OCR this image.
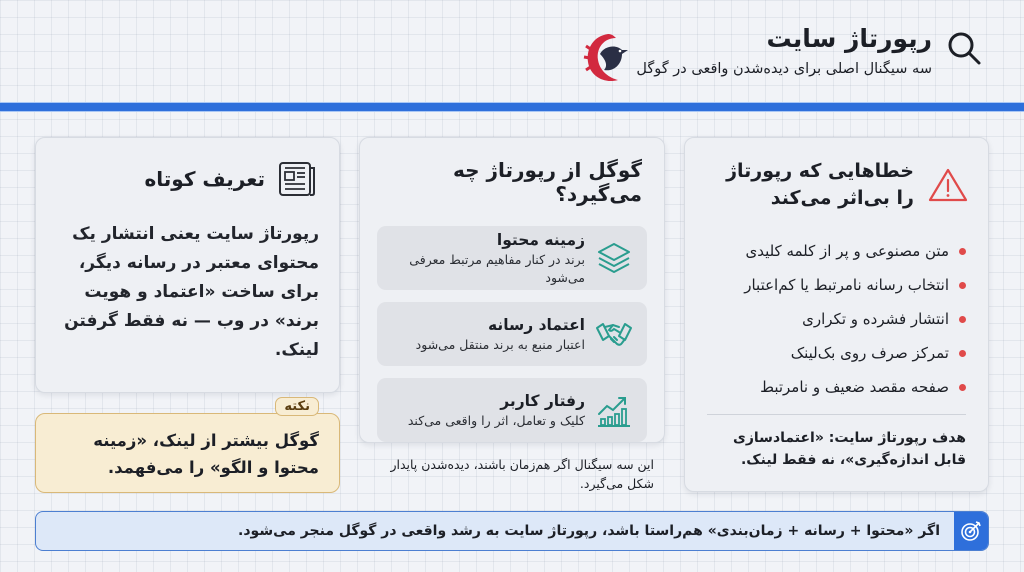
رپورتاژ سایت
سه سیگنال اصلی برای دیده‌شدن واقعی در گوگل
تعریف کوتاه

رپورتاژ سایت یعنی انتشار یک محتوای معتبر در رسانه دیگر، برای ساخت «اعتماد و هویت برند» در وب — نه فقط گرفتن لینک.

نکته

گوگل بیشتر از لینک، «زمینه محتوا و الگو» را می‌فهمد.

گوگل از رپورتاژ چه می‌گیرد؟
زمینه محتوا
برند در کنار مفاهیم مرتبط معرفی می‌شود
اعتماد رسانه
اعتبار منبع به برند منتقل می‌شود
رفتار کاربر
کلیک و تعامل، اثر را واقعی می‌کند
این سه سیگنال اگر هم‌زمان باشند، دیده‌شدن پایدار شکل می‌گیرد.
خطاهایی که رپورتاژ را بی‌اثر می‌کند
متن مصنوعی و پر از کلمه کلیدی
انتخاب رسانه نامرتبط یا کم‌اعتبار
انتشار فشرده و تکراری
تمرکز صرف روی بک‌لینک
صفحه مقصد ضعیف و نامرتبط
هدف رپورتاژ سایت: «اعتمادسازی قابل اندازه‌گیری»، نه فقط لینک.

اگر «محتوا + رسانه + زمان‌بندی» هم‌راستا باشد، رپورتاژ سایت به رشد واقعی در گوگل منجر می‌شود.
